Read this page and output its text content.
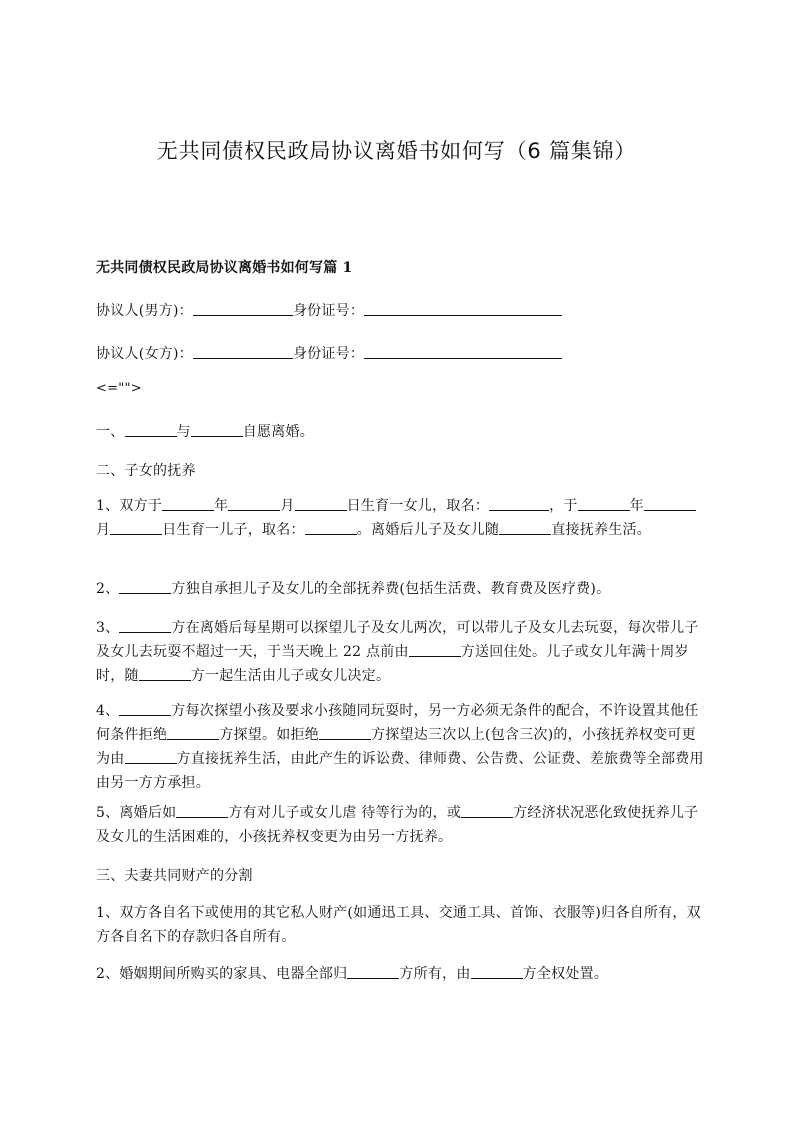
无共同债权民政局协议离婚书如何写（6 篇集锦）
无共同债权民政局协议离婚书如何写篇 1

协议人(男方)：	身份证号：

协议人(女方)：	身份证号：

<="">

一、	与	自愿离婚。

二、子女的抚养

1、双方于	年	月	日生育一女儿，取名：	，于	年月	日生育一儿子，取名：	。离婚后儿子及女儿随	直接抚养生活。

2、	方独自承担儿子及女儿的全部抚养费(包括生活费、教育费及医疗费)。

3、	方在离婚后每星期可以探望儿子及女儿两次，可以带儿子及女儿去玩耍，每次带儿子及女儿去玩耍不超过一天，于当天晚上 22 点前由	方送回住处。儿子或女儿年满十周岁时，随	方一起生活由儿子或女儿决定。

4、	方每次探望小孩及要求小孩随同玩耍时，另一方必须无条件的配合，不许设置其他任何条件拒绝	方探望。如拒绝	方探望达三次以上(包含三次)的，小孩抚养权变可更为由	方直接抚养生活，由此产生的诉讼费、律师费、公告费、公证费、差旅费等全部费用由另一方方承担。

5、离婚后如	方有对儿子或女儿虐 待等行为的，或	方经济状况恶化致使抚养儿子及女儿的生活困难的，小孩抚养权变更为由另一方抚养。

三、夫妻共同财产的分割

1、双方各自名下或使用的其它私人财产(如通迅工具、交通工具、首饰、衣服等)归各自所有，双方各自名下的存款归各自所有。

2、婚姻期间所购买的家具、电器全部归	方所有，由	方全权处置。
